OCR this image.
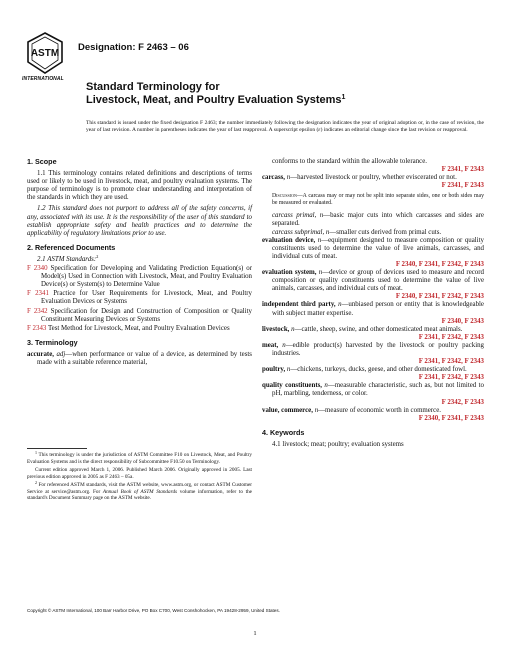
ASTM
INTERNATIONAL
Designation: F 2463 – 06

Standard Terminology for

Livestock, Meat, and Poultry Evaluation Systems$^1$

This standard is issued under the fixed designation F 2463; the number immediately following the designation indicates the year of original adoption or, in the case of revision, the year of last revision. A number in parentheses indicates the year of last reapproval. A superscript epsilon (ε) indicates an editorial change since the last revision or reapproval.
1. Scope

1.1 This terminology contains related definitions and descriptions of terms used or likely to be used in livestock, meat, and poultry evaluation systems. The purpose of terminology is to promote clear understanding and interpretation of the standards in which they are used.

1.2 This standard does not purport to address all of the safety concerns, if any, associated with its use. It is the responsibility of the user of this standard to establish appropriate safety and health practices and to determine the applicability of regulatory limitations prior to use.

2. Referenced Documents

2.1 ASTM Standards:$^2$

F 2340 Specification for Developing and Validating Prediction Equation(s) or Model(s) Used in Connection with Livestock, Meat, and Poultry Evaluation Device(s) or System(s) to Determine Value

F 2341 Practice for User Requirements for Livestock, Meat, and Poultry Evaluation Devices or Systems

F 2342 Specification for Design and Construction of Composition or Quality Constituent Measuring Devices or Systems

F 2343 Test Method for Livestock, Meat, and Poultry Evaluation Devices

3. Terminology

accurate, adj—when performance or value of a device, as determined by tests made with a suitable reference material,

conforms to the standard within the allowable tolerance.

F 2341, F 2343

carcass, n—harvested livestock or poultry, whether eviscerated or not.

F 2341, F 2343

Discussion—A carcass may or may not be split into separate sides, one or both sides may be measured or evaluated.

carcass primal, n—basic major cuts into which carcasses and sides are separated.

carcass subprimal, n—smaller cuts derived from primal cuts.

evaluation device, n—equipment designed to measure composition or quality constituents used to determine the value of live animals, carcasses, and individual cuts of meat.

F 2340, F 2341, F 2342, F 2343

evaluation system, n—device or group of devices used to measure and record composition or quality constituents used to determine the value of live animals, carcasses, and individual cuts of meat.

F 2340, F 2341, F 2342, F 2343

independent third party, n—unbiased person or entity that is knowledgeable with subject matter expertise.

F 2340, F 2343

livestock, n—cattle, sheep, swine, and other domesticated meat animals.

F 2341, F 2342, F 2343

meat, n—edible product(s) harvested by the livestock or poultry packing industries.

F 2341, F 2342, F 2343

poultry, n—chickens, turkeys, ducks, geese, and other domesticated fowl.

F 2341, F 2342, F 2343

quality constituents, n—measurable characteristic, such as, but not limited to pH, marbling, tenderness, or color.

F 2342, F 2343

value, commerce, n—measure of economic worth in commerce.

F 2340, F 2341, F 2343

4. Keywords

4.1 livestock; meat; poultry; evaluation systems

$^1$ This terminology is under the jurisdiction of ASTM Committee F10 on Livestock, Meat, and Poultry Evaluation Systems and is the direct responsibility of Subcommittee F10.50 on Terminology.

Current edition approved March 1, 2006. Published March 2006. Originally approved in 2005. Last previous edition approved in 2005 as F 2463 – 05a.

$^2$ For referenced ASTM standards, visit the ASTM website, www.astm.org, or contact ASTM Customer Service at service@astm.org. For Annual Book of ASTM Standards volume information, refer to the standard's Document Summary page on the ASTM website.

Copyright © ASTM International, 100 Barr Harbor Drive, PO Box C700, West Conshohocken, PA 19428-2959, United States.
1
